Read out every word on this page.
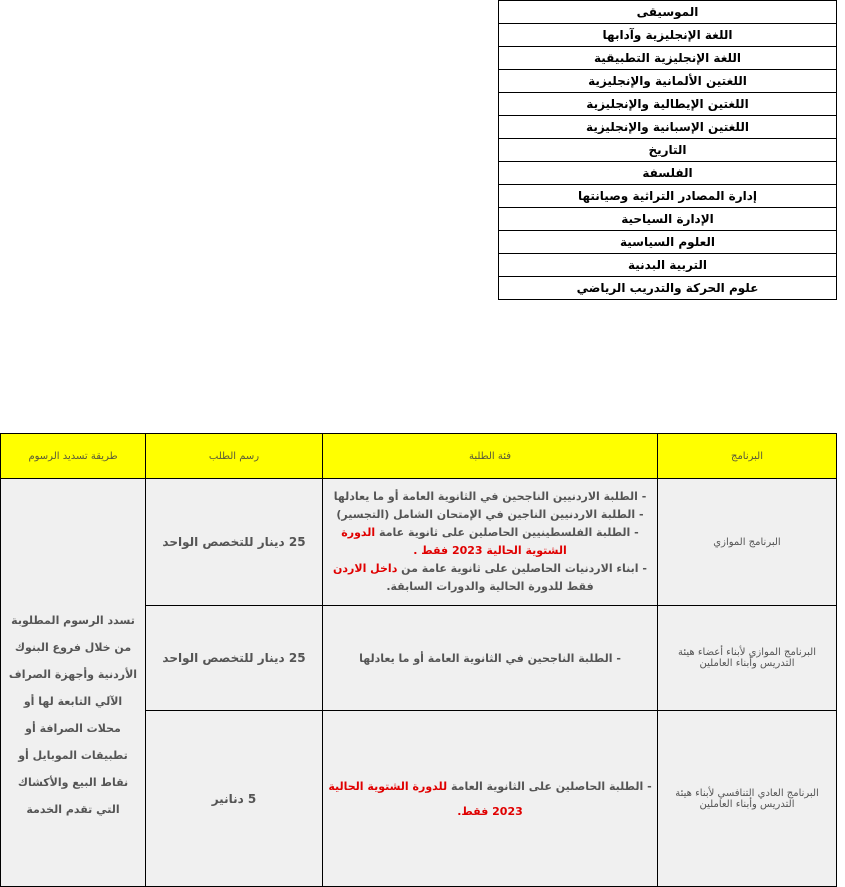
الموسيقى
اللغة الإنجليزية وآدابها
اللغة الإنجليزية التطبيقية
اللغتين الألمانية والإنجليزية
اللغتين الإيطالية والإنجليزية
اللغتين الإسبانية والإنجليزية
التاريخ
الفلسفة
إدارة المصادر التراثية وصيانتها
الإدارة السياحية
العلوم السياسية
التربية البدنية
علوم الحركة والتدريب الرياضي
البرنامج	فئة الطلبة	رسم الطلب	طريقة تسديد الرسوم
البرنامج الموازي	- الطلبة الاردنيين الناجحين في الثانوية العامة أو ما يعادلها
- الطلبة الاردنيين الناجين في الإمتحان الشامل (التجسير)
- الطلبة الفلسطينيين الحاصلين على ثانوية عامة الدورة الشتوية الحالية 2023 فقط .
- ابناء الاردنيات الحاصلين على ثانوية عامة من داخل الاردن فقط للدورة الحالية والدورات السابقة.	25 دينار للتخصص الواحد	تسدد الرسوم المطلوبة من خلال فروع البنوك الأردنية وأجهزة الصراف الآلي التابعة لها أو محلات الصرافة أو تطبيقات الموبايل أو نقاط البيع والأكشاك التي تقدم الخدمة

البرنامج الموازي لأبناء أعضاء هيئة التدريس وأبناء العاملين	- الطلبة الناجحين في الثانوية العامة أو ما يعادلها	25 دينار للتخصص الواحد	
البرنامج العادي التنافسي لأبناء هيئة التدريس وأبناء العاملين	- الطلبة الحاصلين على الثانوية العامة للدورة الشتوية الحالية 2023 فقط.	5 دنانير	
